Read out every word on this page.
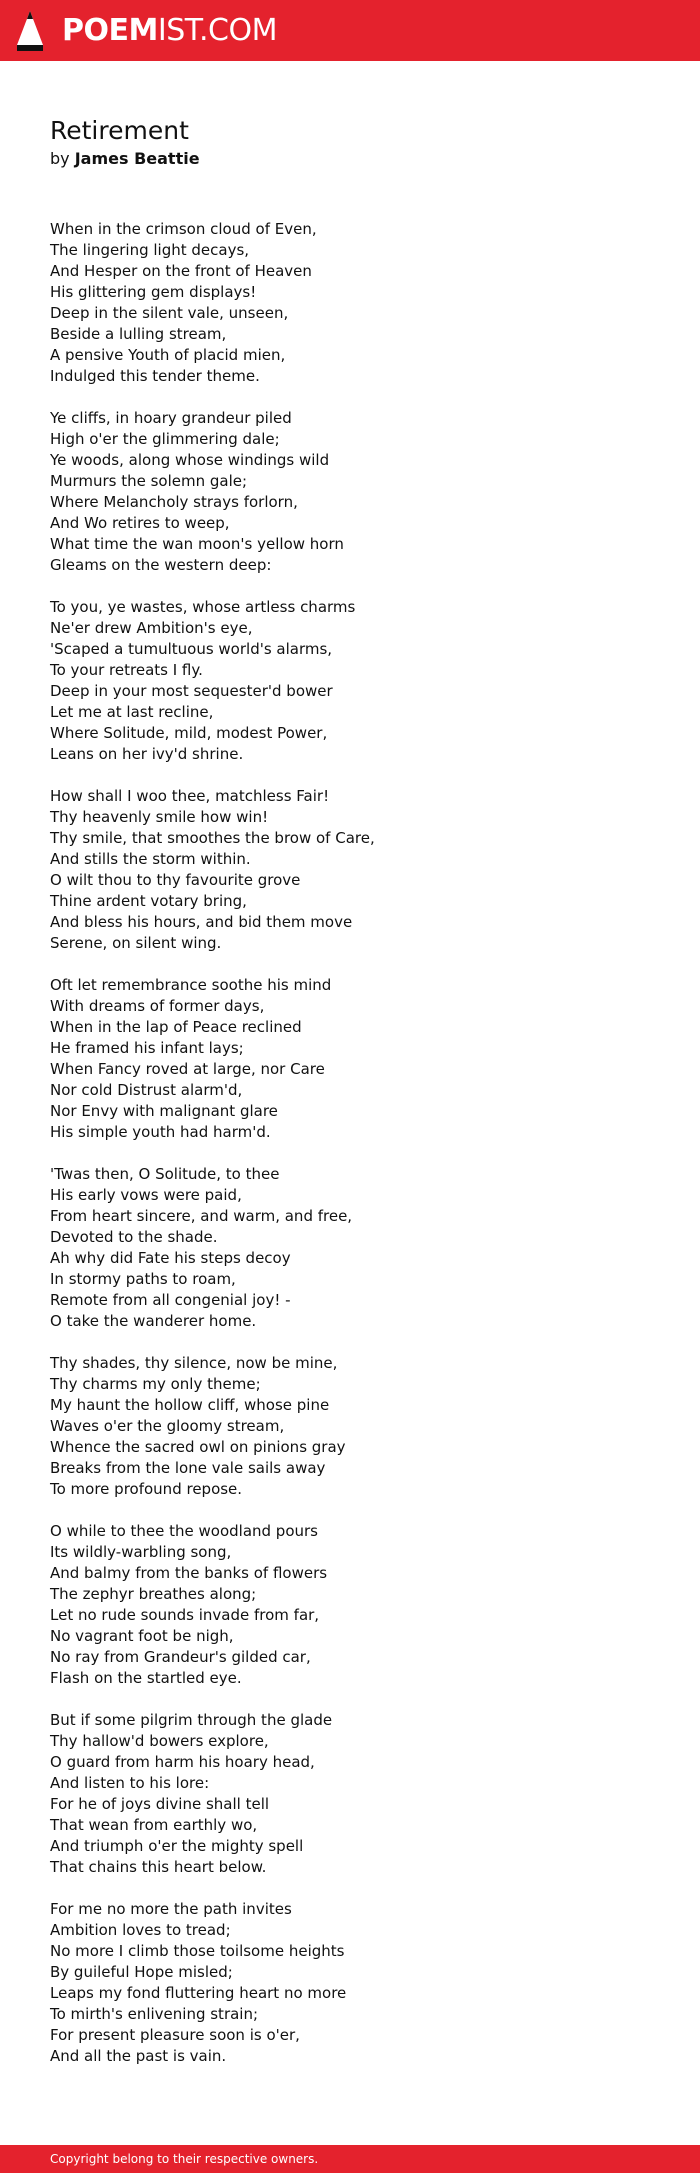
POEM IST.COM
Retirement
by James Beattie
When in the crimson cloud of Even,
The lingering light decays,
And Hesper on the front of Heaven
His glittering gem displays!
Deep in the silent vale, unseen,
Beside a lulling stream,
A pensive Youth of placid mien,
Indulged this tender theme.
Ye cliffs, in hoary grandeur piled
High o'er the glimmering dale;
Ye woods, along whose windings wild
Murmurs the solemn gale;
Where Melancholy strays forlorn,
And Wo retires to weep,
What time the wan moon's yellow horn
Gleams on the western deep:
To you, ye wastes, whose artless charms
Ne'er drew Ambition's eye,
'Scaped a tumultuous world's alarms,
To your retreats I fly.
Deep in your most sequester'd bower
Let me at last recline,
Where Solitude, mild, modest Power,
Leans on her ivy'd shrine.
How shall I woo thee, matchless Fair!
Thy heavenly smile how win!
Thy smile, that smoothes the brow of Care,
And stills the storm within.
O wilt thou to thy favourite grove
Thine ardent votary bring,
And bless his hours, and bid them move
Serene, on silent wing.
Oft let remembrance soothe his mind
With dreams of former days,
When in the lap of Peace reclined
He framed his infant lays;
When Fancy roved at large, nor Care
Nor cold Distrust alarm'd,
Nor Envy with malignant glare
His simple youth had harm'd.
'Twas then, O Solitude, to thee
His early vows were paid,
From heart sincere, and warm, and free,
Devoted to the shade.
Ah why did Fate his steps decoy
In stormy paths to roam,
Remote from all congenial joy! -
O take the wanderer home.
Thy shades, thy silence, now be mine,
Thy charms my only theme;
My haunt the hollow cliff, whose pine
Waves o'er the gloomy stream,
Whence the sacred owl on pinions gray
Breaks from the lone vale sails away
To more profound repose.
O while to thee the woodland pours
Its wildly-warbling song,
And balmy from the banks of flowers
The zephyr breathes along;
Let no rude sounds invade from far,
No vagrant foot be nigh,
No ray from Grandeur's gilded car,
Flash on the startled eye.
But if some pilgrim through the glade
Thy hallow'd bowers explore,
O guard from harm his hoary head,
And listen to his lore:
For he of joys divine shall tell
That wean from earthly wo,
And triumph o'er the mighty spell
That chains this heart below.
For me no more the path invites
Ambition loves to tread;
No more I climb those toilsome heights
By guileful Hope misled;
Leaps my fond fluttering heart no more
To mirth's enlivening strain;
For present pleasure soon is o'er,
And all the past is vain.
Copyright belong to their respective owners.
